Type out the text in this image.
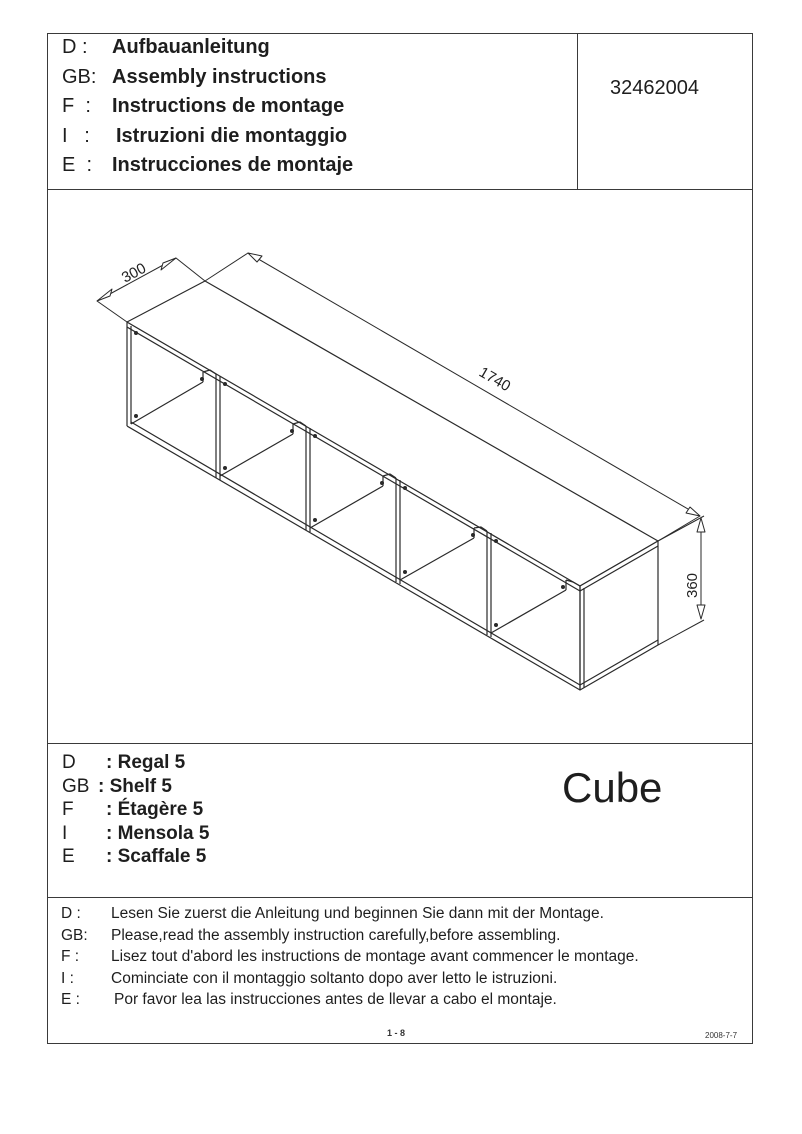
D :	Aufbauanleitung
GB: Assembly instructions
F :	Instructions de montage
I :	Istruzioni die montaggio
E : Instrucciones de montaje
32462004
300
1740
360
D	: Regal 5
GB : Shelf 5
F	: Étagère 5
I	: Mensola 5
E	: Scaffale 5
Cube
D :	Lesen Sie zuerst die Anleitung und beginnen Sie dann mit der Montage.
GB:	Please,read the assembly instruction carefully,before assembling.
F :	Lisez tout d'abord les instructions de montage avant commencer le montage.
I :	Cominciate con il montaggio soltanto dopo aver letto le istruzioni.
E :	Por favor lea las instrucciones antes de llevar a cabo el montaje.
1 - 8	2008-7-7
